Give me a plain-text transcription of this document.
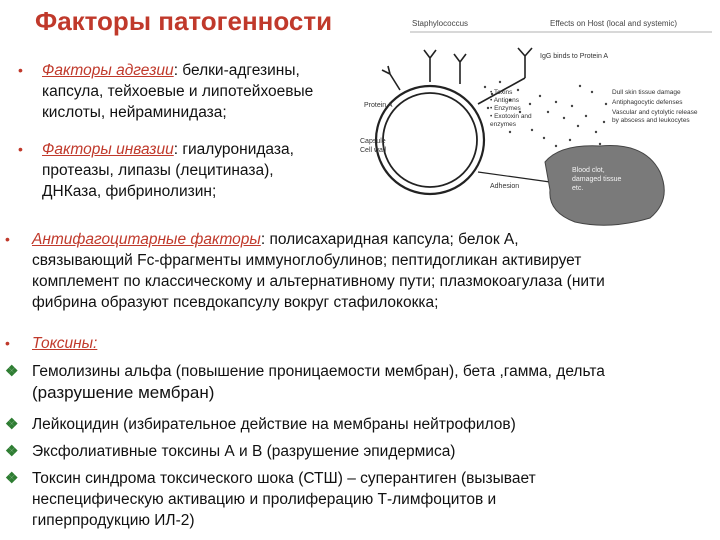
Факторы патогенности
•	Факторы адгезии: белки-адгезины,
капсула, тейхоевые и липотейхоевые
кислоты, нейраминидаза;
•	Факторы инвазии: гиалуронидаза,
протеазы, липазы (лецитиназа),
ДНКаза, фибринолизин;
•	Антифагоцитарные факторы: полисахаридная капсула; белок А,
связывающий Fc-фрагменты иммуноглобулинов; пептидогликан активирует
комплемент по классическому и альтернативному пути; плазмокоагулаза (нити
фибрина образуют псевдокапсулу вокруг стафилококка;
•	Токсины:
❖ Гемолизины альфа (повышение проницаемости мембран), бета ,гамма, дельта
(разрушение мембран)
❖ Лейкоцидин (избирательное действие на мембраны нейтрофилов)
❖ Эксфолиативные токсины А и В (разрушение эпидермиса)
❖ Токсин синдрома токсического шока (СТШ) – суперантиген (вызывает
неспецифическую активацию и пролиферацию Т-лимфоцитов и
гиперпродукцию ИЛ-2)
Staphylococcus	Effects on Host (local and systemic)
IgG binds to Protein A
Protein A
Capsule
Cell wall
• Toxins
• Antigens
• Enzymes
• Exotoxin and
enzymes
Dull skin tissue damage
Antiphagocytic defenses
Vascular and cytolytic release
by abscess and leukocytes
Adhesion
Blood clot,
damaged tissue
etc.
